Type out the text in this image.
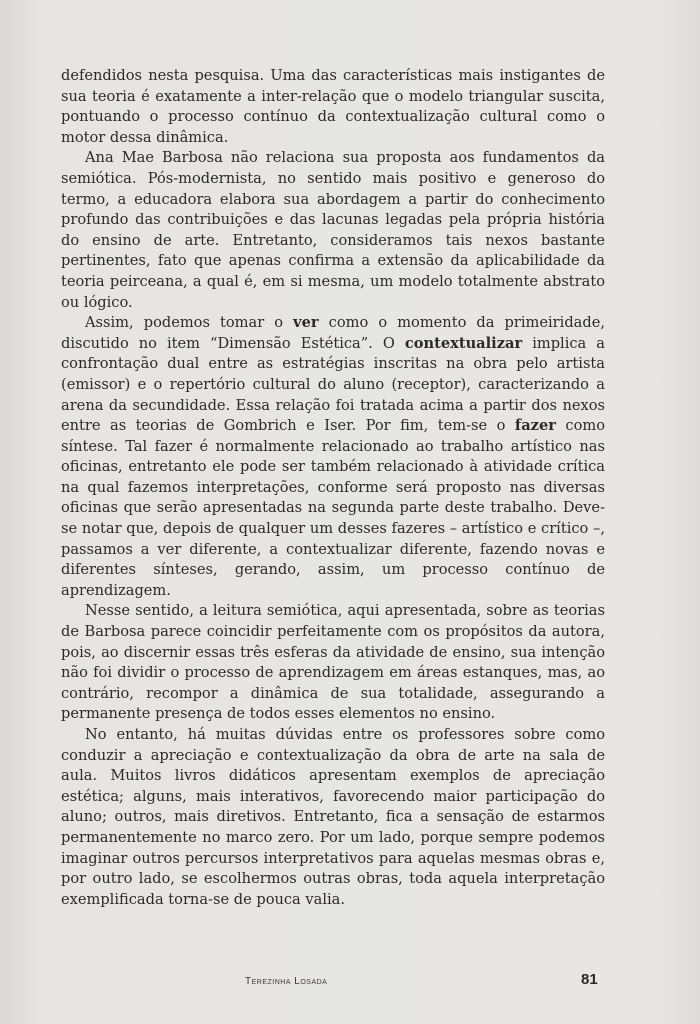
defendidos nesta pesquisa. Uma das características mais instigantes de sua teoria é exatamente a inter-relação que o modelo triangular suscita, pontuando o processo contínuo da contextualização cultural como o motor dessa dinâmica.

Ana Mae Barbosa não relaciona sua proposta aos fundamentos da semiótica. Pós-modernista, no sentido mais positivo e generoso do termo, a educadora elabora sua abordagem a partir do conhecimento profundo das contribuições e das lacunas legadas pela própria história do ensino de arte. Entretanto, consideramos tais nexos bastante pertinentes, fato que apenas confirma a extensão da aplicabilidade da teoria peirceana, a qual é, em si mesma, um modelo totalmente abstrato ou lógico.

Assim, podemos tomar o ver como o momento da primeiridade, discutido no item “Dimensão Estética”. O contextualizar implica a confrontação dual entre as estratégias inscritas na obra pelo artista (emissor) e o repertório cultural do aluno (receptor), caracterizando a arena da secundidade. Essa relação foi tratada acima a partir dos nexos entre as teorias de Gombrich e Iser. Por fim, tem-se o fazer como síntese. Tal fazer é normalmente relacionado ao trabalho artístico nas oficinas, entretanto ele pode ser também relacionado à atividade crítica na qual fazemos interpretações, conforme será proposto nas diversas oficinas que serão apresentadas na segunda parte deste trabalho. Deve-se notar que, depois de qualquer um desses fazeres – artístico e crítico –, passamos a ver diferente, a contextualizar diferente, fazendo novas e diferentes sínteses, gerando, assim, um processo contínuo de aprendizagem.

Nesse sentido, a leitura semiótica, aqui apresentada, sobre as teorias de Barbosa parece coincidir perfeitamente com os propósitos da autora, pois, ao discernir essas três esferas da atividade de ensino, sua intenção não foi dividir o processo de aprendizagem em áreas estanques, mas, ao contrário, recompor a dinâmica de sua totalidade, assegurando a permanente presença de todos esses elementos no ensino.

No entanto, há muitas dúvidas entre os professores sobre como conduzir a apreciação e contextualização da obra de arte na sala de aula. Muitos livros didáticos apresentam exemplos de apreciação estética; alguns, mais interativos, favorecendo maior participação do aluno; outros, mais diretivos. Entretanto, fica a sensação de estarmos permanentemente no marco zero. Por um lado, porque sempre podemos imaginar outros percursos interpretativos para aquelas mesmas obras e, por outro lado, se escolhermos outras obras, toda aquela interpretação exemplificada torna-se de pouca valia.

Terezinha Losada	81
